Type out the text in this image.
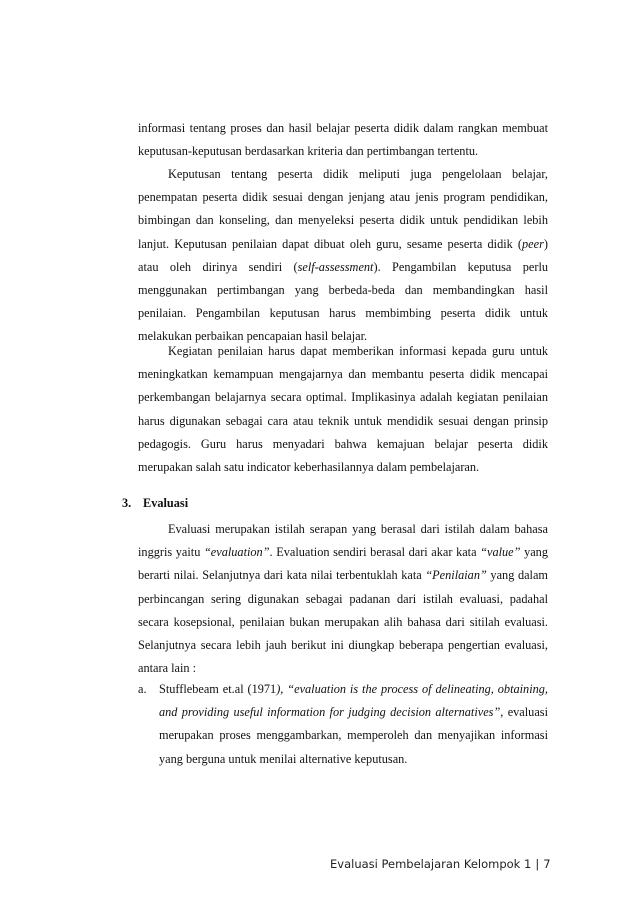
informasi tentang proses dan hasil belajar peserta didik dalam rangkan membuat keputusan-keputusan berdasarkan kriteria dan pertimbangan tertentu.

Keputusan tentang peserta didik meliputi juga pengelolaan belajar, penempatan peserta didik sesuai dengan jenjang atau jenis program pendidikan, bimbingan dan konseling, dan menyeleksi peserta didik untuk pendidikan lebih lanjut. Keputusan penilaian dapat dibuat oleh guru, sesame peserta didik (peer) atau oleh dirinya sendiri (self-assessment). Pengambilan keputusa perlu menggunakan pertimbangan yang berbeda-beda dan membandingkan hasil penilaian. Pengambilan keputusan harus membimbing peserta didik untuk melakukan perbaikan pencapaian hasil belajar.

Kegiatan penilaian harus dapat memberikan informasi kepada guru untuk meningkatkan kemampuan mengajarnya dan membantu peserta didik mencapai perkembangan belajarnya secara optimal. Implikasinya adalah kegiatan penilaian harus digunakan sebagai cara atau teknik untuk mendidik sesuai dengan prinsip pedagogis. Guru harus menyadari bahwa kemajuan belajar peserta didik merupakan salah satu indicator keberhasilannya dalam pembelajaran.

3. Evaluasi

Evaluasi merupakan istilah serapan yang berasal dari istilah dalam bahasa inggris yaitu “evaluation”. Evaluation sendiri berasal dari akar kata “value” yang berarti nilai. Selanjutnya dari kata nilai terbentuklah kata “Penilaian” yang dalam perbincangan sering digunakan sebagai padanan dari istilah evaluasi, padahal secara kosepsional, penilaian bukan merupakan alih bahasa dari sitilah evaluasi. Selanjutnya secara lebih jauh berikut ini diungkap beberapa pengertian evaluasi, antara lain :

a. Stufflebeam et.al (1971), “evaluation is the process of delineating, obtaining, and providing useful information for judging decision alternatives”, evaluasi merupakan proses menggambarkan, memperoleh dan menyajikan informasi yang berguna untuk menilai alternative keputusan.

Evaluasi Pembelajaran Kelompok 1 | 7
